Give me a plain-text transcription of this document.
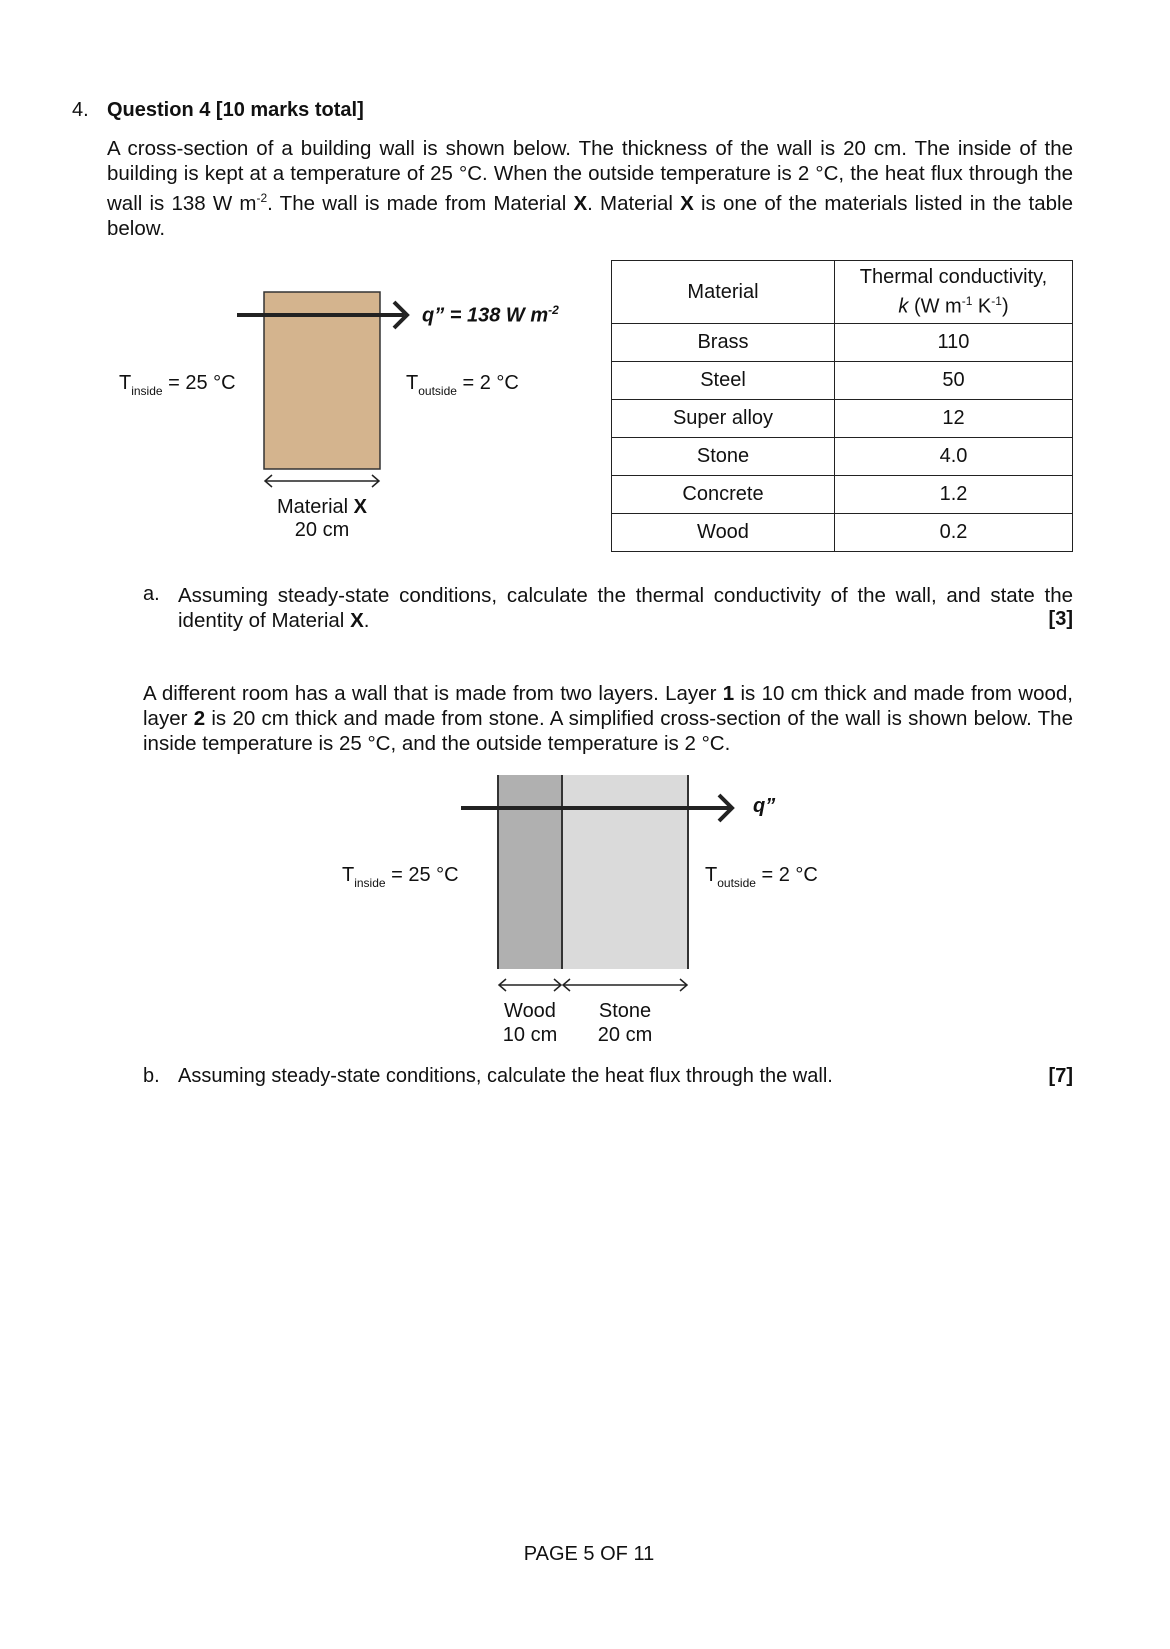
4. Question 4 [10 marks total]
A cross-section of a building wall is shown below. The thickness of the wall is 20 cm. The inside of the building is kept at a temperature of 25 °C. When the outside temperature is 2 °C, the heat flux through the wall is 138 W $m^{-2}$. The wall is made from Material X. Material X is one of the materials listed in the table below.
q” = 138 W $m^{-2}$
$T_{inside} = 25$ °C	$T_{outside} = 2$ °C
Material X
20 cm
Material	Thermal conductivity,
k (W $m^{-1}$ $K^{-1}$)
Brass	110
Steel	50
Super alloy	12
Stone	4.0
Concrete	1.2
Wood	0.2
a. Assuming steady-state conditions, calculate the thermal conductivity of the wall, and state the identity of Material X.	[3]
A different room has a wall that is made from two layers. Layer 1 is 10 cm thick and made from wood, layer 2 is 20 cm thick and made from stone. A simplified cross-section of the wall is shown below. The inside temperature is 25 °C, and the outside temperature is 2 °C.
q”
$T_{inside} = 25$ °C	$T_{outside} = 2$ °C
Wood
10 cm
Stone
20 cm
b. Assuming steady-state conditions, calculate the heat flux through the wall.	[7]
PAGE 5 OF 11
